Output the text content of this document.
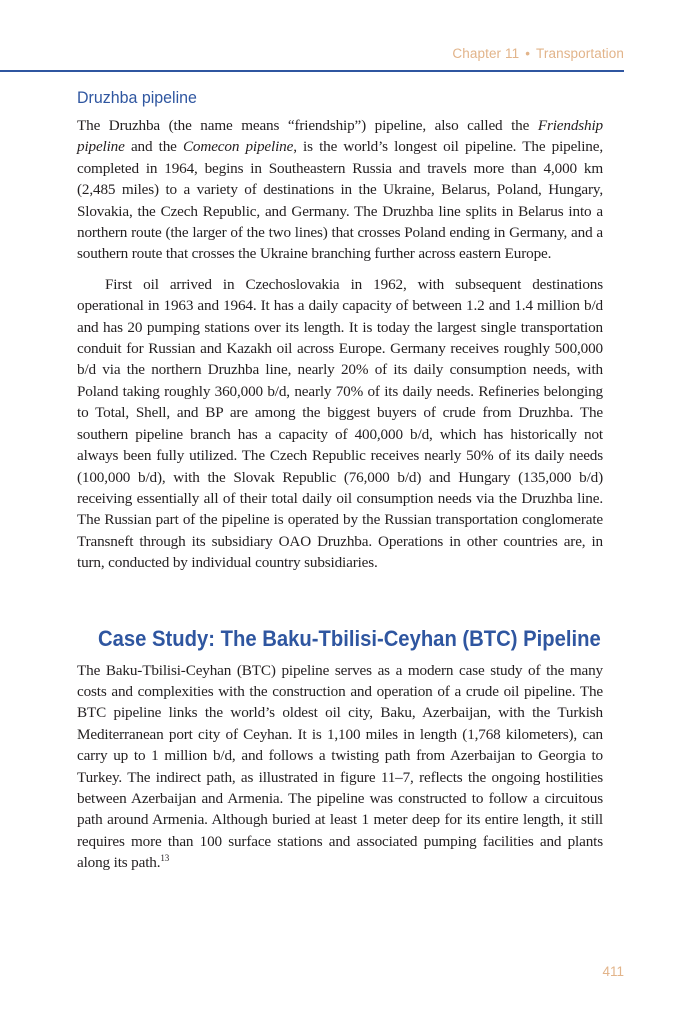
Chapter 11 • Transportation
Druzhba pipeline

The Druzhba (the name means “friendship”) pipeline, also called the Friendship pipeline and the Comecon pipeline, is the world’s longest oil pipeline. The pipeline, completed in 1964, begins in Southeastern Russia and travels more than 4,000 km (2,485 miles) to a variety of destinations in the Ukraine, Belarus, Poland, Hungary, Slovakia, the Czech Republic, and Germany. The Druzhba line splits in Belarus into a northern route (the larger of the two lines) that crosses Poland ending in Germany, and a southern route that crosses the Ukraine branching further across eastern Europe.

First oil arrived in Czechoslovakia in 1962, with subsequent destinations operational in 1963 and 1964. It has a daily capacity of between 1.2 and 1.4 million b/d and has 20 pumping stations over its length. It is today the largest single transportation conduit for Russian and Kazakh oil across Europe. Germany receives roughly 500,000 b/d via the northern Druzhba line, nearly 20% of its daily consumption needs, with Poland taking roughly 360,000 b/d, nearly 70% of its daily needs. Refineries belonging to Total, Shell, and BP are among the biggest buyers of crude from Druzhba. The southern pipeline branch has a capacity of 400,000 b/d, which has historically not always been fully utilized. The Czech Republic receives nearly 50% of its daily needs (100,000 b/d), with the Slovak Republic (76,000 b/d) and Hungary (135,000 b/d) receiving essentially all of their total daily oil consumption needs via the Druzhba line. The Russian part of the pipeline is operated by the Russian transportation conglomerate Transneft through its subsidiary OAO Druzhba. Operations in other countries are, in turn, conducted by individual country subsidiaries.

Case Study: The Baku-Tbilisi-Ceyhan (BTC) Pipeline

The Baku-Tbilisi-Ceyhan (BTC) pipeline serves as a modern case study of the many costs and complexities with the construction and operation of a crude oil pipeline. The BTC pipeline links the world’s oldest oil city, Baku, Azerbaijan, with the Turkish Mediterranean port city of Ceyhan. It is 1,100 miles in length (1,768 kilometers), can carry up to 1 million b/d, and follows a twisting path from Azerbaijan to Georgia to Turkey. The indirect path, as illustrated in figure 11–7, reflects the ongoing hostilities between Azerbaijan and Armenia. The pipeline was constructed to follow a circuitous path around Armenia. Although buried at least 1 meter deep for its entire length, it still requires more than 100 surface stations and associated pumping facilities and plants along its path.$^{13}$

411
